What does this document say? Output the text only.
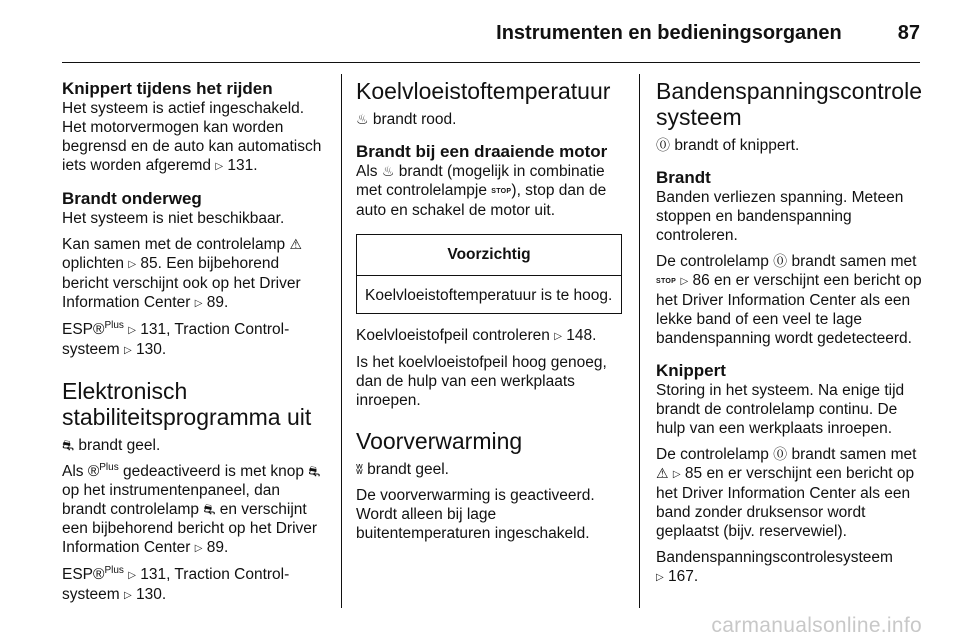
Instrumenten en bedieningsorganen	87
Knippert tijdens het rijden

Het systeem is actief ingeschakeld. Het motorvermogen kan worden begrensd en de auto kan automatisch iets worden afgeremd ▷ 131.

Brandt onderweg

Het systeem is niet beschikbaar.

Kan samen met de controlelamp ⚠ oplichten ▷ 85. Een bijbehorend bericht verschijnt ook op het Driver Information Center ▷ 89.

ESP®$^{Plus}$ ▷ 131, Traction Control-systeem ▷ 130.

Elektronisch stabiliteitsprogramma uit

⛐ brandt geel.

Als ®$^{Plus}$ gedeactiveerd is met knop ⛐ op het instrumentenpaneel, dan brandt controlelamp ⛐ en verschijnt een bijbehorend bericht op het Driver Information Center ▷ 89.

ESP®$^{Plus}$ ▷ 131, Traction Control-systeem ▷ 130.

Koelvloeistoftemperatuur

♨ brandt rood.

Brandt bij een draaiende motor

Als ♨ brandt (mogelijk in combinatie met controlelampje STOP), stop dan de auto en schakel de motor uit.

Voorzichtig
Koelvloeistoftemperatuur is te hoog.

Koelvloeistofpeil controleren ▷ 148.

Is het koelvloeistofpeil hoog genoeg, dan de hulp van een werkplaats inroepen.

Voorverwarming

ʬ brandt geel.

De voorverwarming is geactiveerd. Wordt alleen bij lage buitentemperaturen ingeschakeld.

Bandenspanningscontrolesysteem

⓪ brandt of knippert.

Brandt

Banden verliezen spanning. Meteen stoppen en bandenspanning controleren.

De controlelamp ⓪ brandt samen met STOP ▷ 86 en er verschijnt een bericht op het Driver Information Center als een lekke band of een veel te lage bandenspanning wordt gedetecteerd.

Knippert

Storing in het systeem. Na enige tijd brandt de controlelamp continu. De hulp van een werkplaats inroepen.

De controlelamp ⓪ brandt samen met ⚠ ▷ 85 en er verschijnt een bericht op het Driver Information Center als een band zonder druksensor wordt geplaatst (bijv. reservewiel).

Bandenspanningscontrolesysteem
▷ 167.

carmanualsonline.info
